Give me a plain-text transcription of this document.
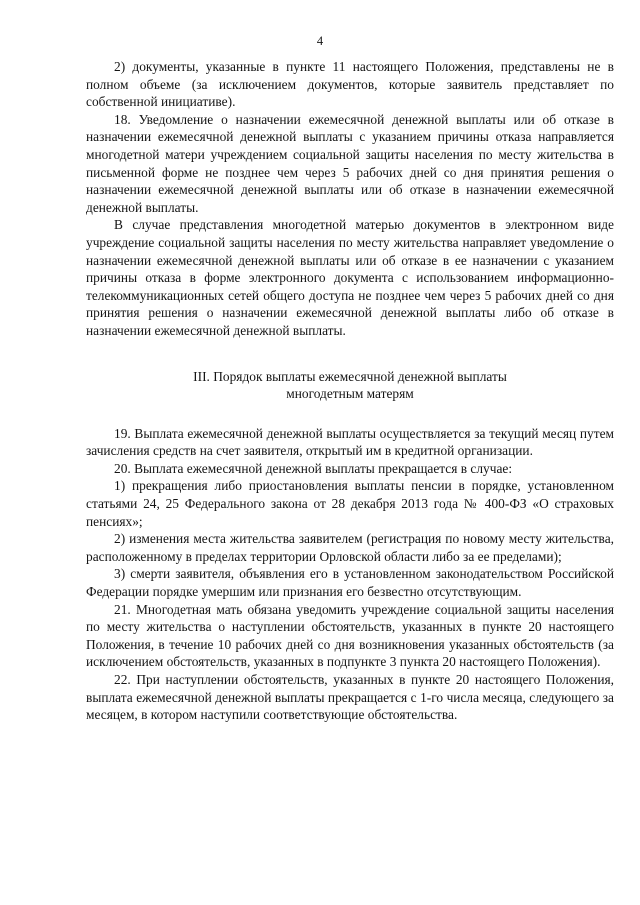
4

2) документы, указанные в пункте 11 настоящего Положения, представлены не в полном объеме (за исключением документов, которые заявитель представляет по собственной инициативе).

18. Уведомление о назначении ежемесячной денежной выплаты или об отказе в назначении ежемесячной денежной выплаты с указанием причины отказа направляется многодетной матери учреждением социальной защиты населения по месту жительства в письменной форме не позднее чем через 5 рабочих дней со дня принятия решения о назначении ежемесячной денежной выплаты или об отказе в назначении ежемесячной денежной выплаты.

В случае представления многодетной матерью документов в электронном виде учреждение социальной защиты населения по месту жительства направляет уведомление о назначении ежемесячной денежной выплаты или об отказе в ее назначении с указанием причины отказа в форме электронного документа с использованием информационно-телекоммуникационных сетей общего доступа не позднее чем через 5 рабочих дней со дня принятия решения о назначении ежемесячной денежной выплаты либо об отказе в назначении ежемесячной денежной выплаты.

III. Порядок выплаты ежемесячной денежной выплаты
многодетным матерям

19. Выплата ежемесячной денежной выплаты осуществляется за текущий месяц путем зачисления средств на счет заявителя, открытый им в кредитной организации.

20. Выплата ежемесячной денежной выплаты прекращается в случае:

1) прекращения либо приостановления выплаты пенсии в порядке, установленном статьями 24, 25 Федерального закона от 28 декабря 2013 года № 400-ФЗ «О страховых пенсиях»;

2) изменения места жительства заявителем (регистрация по новому месту жительства, расположенному в пределах территории Орловской области либо за ее пределами);

3) смерти заявителя, объявления его в установленном законодательством Российской Федерации порядке умершим или признания его безвестно отсутствующим.

21. Многодетная мать обязана уведомить учреждение социальной защиты населения по месту жительства о наступлении обстоятельств, указанных в пункте 20 настоящего Положения, в течение 10 рабочих дней со дня возникновения указанных обстоятельств (за исключением обстоятельств, указанных в подпункте 3 пункта 20 настоящего Положения).

22. При наступлении обстоятельств, указанных в пункте 20 настоящего Положения, выплата ежемесячной денежной выплаты прекращается с 1-го числа месяца, следующего за месяцем, в котором наступили соответствующие обстоятельства.
